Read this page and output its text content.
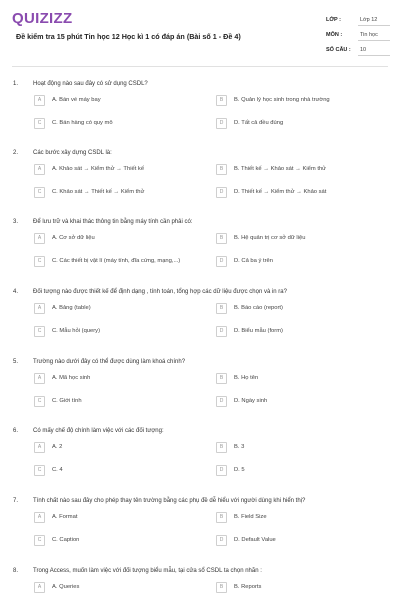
QUIZIZZ
Đề kiểm tra 15 phút Tin học 12 Học kì 1 có đáp án (Bài số 1 - Đề 4)
LỚP :	Lớp 12
MÔN :	Tin học
SỐ CÂU : 10
1. Hoạt động nào sau đây có sử dụng CSDL?
A	A. Bán vé máy bay	B	B. Quản lý học sinh trong nhà trường
C	C. Bán hàng có quy mô	D	D. Tất cả đều đúng
2. Các bước xây dựng CSDL là:
A	A. Khảo sát → Kiểm thử → Thiết kế	B	B. Thiết kế → Khảo sát → Kiểm thử
C	C. Khảo sát → Thiết kế → Kiểm thử	D	D. Thiết kế → Kiểm thử → Khảo sát
3. Để lưu trữ và khai thác thông tin bằng máy tính cần phải có:
A	A. Cơ sở dữ liệu	B	B. Hệ quản trị cơ sở dữ liệu
C	C. Các thiết bị vật lí (máy tính, đĩa cứng, mạng,...)	D	D. Cả ba ý trên
4. Đối tượng nào được thiết kế để định dạng , tính toán, tổng hợp các dữ liệu được chọn và in ra?
A	A. Bảng (table)	B	B. Báo cáo (report)
C	C. Mẫu hỏi (query)	D	D. Biểu mẫu (form)
5. Trường nào dưới đây có thể được dùng làm khoá chính?
A	A. Mã học sinh	B	B. Họ tên
C	C. Giới tính	D	D. Ngày sinh
6. Có mấy chế độ chính làm việc với các đối tượng:
A	A. 2	B	B. 3
C	C. 4	D	D. 5
7. Tính chất nào sau đây cho phép thay tên trường bằng các phụ đề dễ hiểu với người dùng khi hiển thị?
A	A. Format	B	B. Field Size
C	C. Caption	D	D. Default Value
8. Trong Access, muốn làm việc với đối tượng biểu mẫu, tại cửa sổ CSDL ta chọn nhãn :
A	A. Queries	B	B. Reports
